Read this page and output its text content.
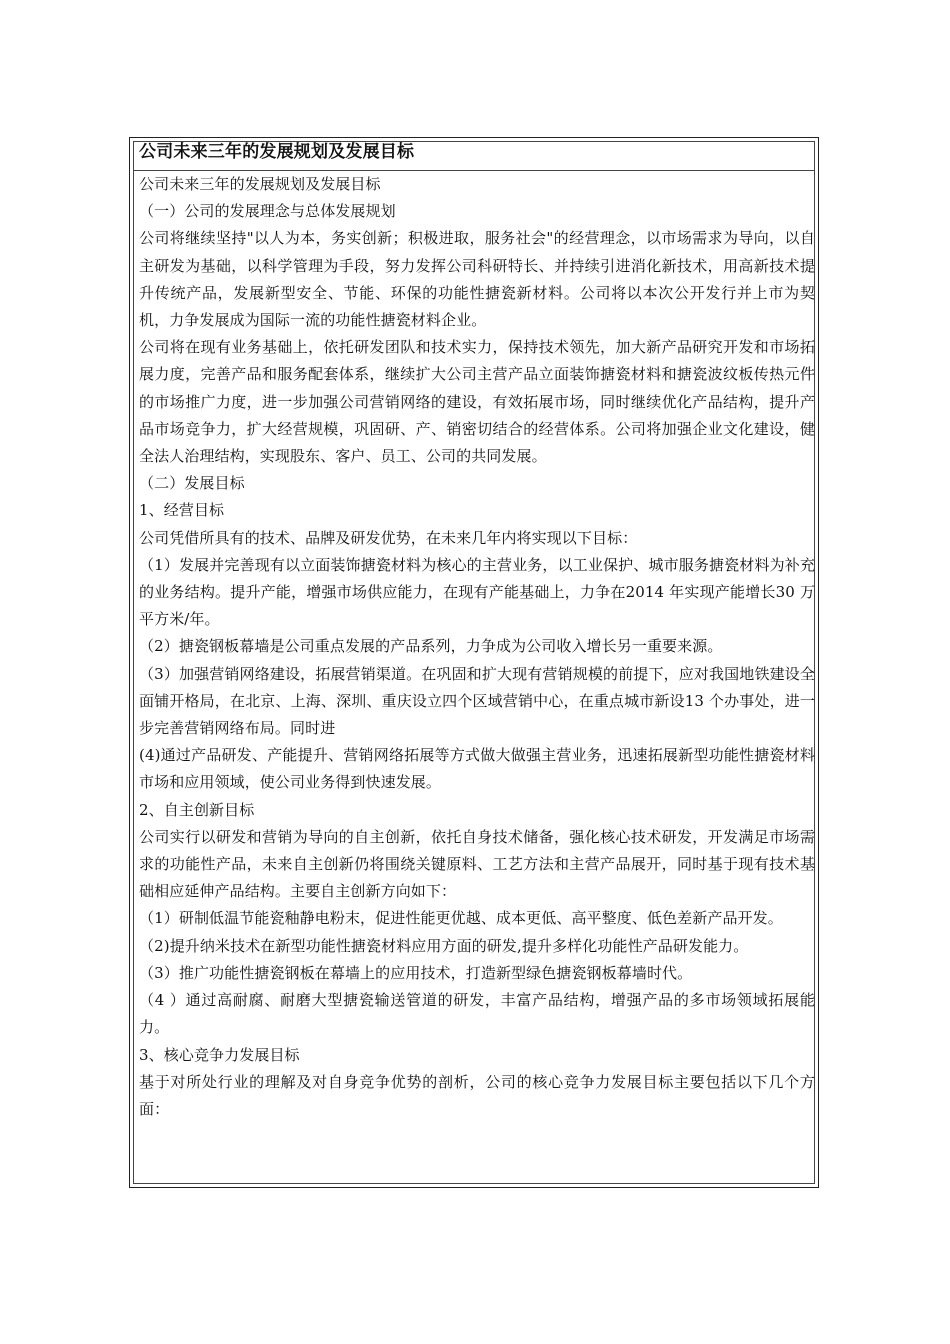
公司未来三年的发展规划及发展目标

公司未来三年的发展规划及发展目标

（一）公司的发展理念与总体发展规划

公司将继续坚持"以人为本，务实创新；积极进取，服务社会"的经营理念，以市场需求为导向，以自主研发为基础，以科学管理为手段，努力发挥公司科研特长、并持续引进消化新技术，用高新技术提升传统产品，发展新型安全、节能、环保的功能性搪瓷新材料。公司将以本次公开发行并上市为契机，力争发展成为国际一流的功能性搪瓷材料企业。

公司将在现有业务基础上，依托研发团队和技术实力，保持技术领先，加大新产品研究开发和市场拓展力度，完善产品和服务配套体系，继续扩大公司主营产品立面装饰搪瓷材料和搪瓷波纹板传热元件的市场推广力度，进一步加强公司营销网络的建设，有效拓展市场，同时继续优化产品结构，提升产品市场竞争力，扩大经营规模，巩固研、产、销密切结合的经营体系。公司将加强企业文化建设，健全法人治理结构，实现股东、客户、员工、公司的共同发展。

（二）发展目标

1、经营目标

公司凭借所具有的技术、品牌及研发优势，在未来几年内将实现以下目标：

（1）发展并完善现有以立面装饰搪瓷材料为核心的主营业务，以工业保护、城市服务搪瓷材料为补充的业务结构。提升产能，增强市场供应能力，在现有产能基础上，力争在2014 年实现产能增长30 万平方米/年。

（2）搪瓷钢板幕墙是公司重点发展的产品系列，力争成为公司收入增长另一重要来源。

（3）加强营销网络建设，拓展营销渠道。在巩固和扩大现有营销规模的前提下，应对我国地铁建设全面铺开格局，在北京、上海、深圳、重庆设立四个区域营销中心，在重点城市新设13 个办事处，进一步完善营销网络布局。同时进

(4)通过产品研发、产能提升、营销网络拓展等方式做大做强主营业务，迅速拓展新型功能性搪瓷材料市场和应用领域，使公司业务得到快速发展。

2、自主创新目标

公司实行以研发和营销为导向的自主创新，依托自身技术储备，强化核心技术研发，开发满足市场需求的功能性产品，未来自主创新仍将围绕关键原料、工艺方法和主营产品展开，同时基于现有技术基础相应延伸产品结构。主要自主创新方向如下：

（1）研制低温节能瓷釉静电粉末，促进性能更优越、成本更低、高平整度、低色差新产品开发。

（2)提升纳米技术在新型功能性搪瓷材料应用方面的研发,提升多样化功能性产品研发能力。

（3）推广功能性搪瓷钢板在幕墙上的应用技术，打造新型绿色搪瓷钢板幕墙时代。

（4 ）通过高耐腐、耐磨大型搪瓷输送管道的研发，丰富产品结构，增强产品的多市场领域拓展能力。

3、核心竞争力发展目标

基于对所处行业的理解及对自身竞争优势的剖析，公司的核心竞争力发展目标主要包括以下几个方面：
